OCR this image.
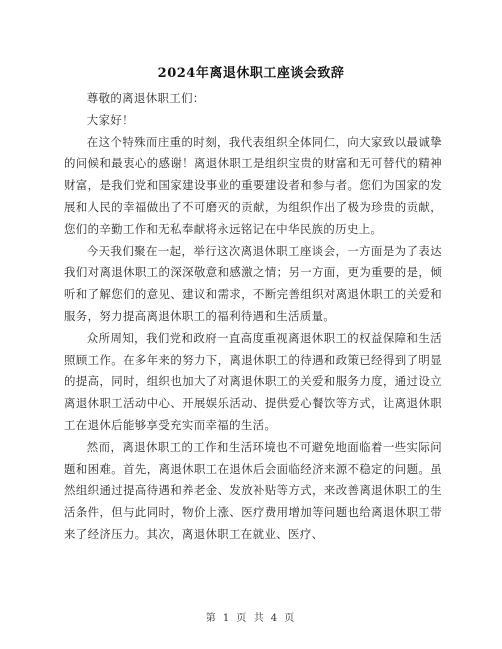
2024年离退休职工座谈会致辞

尊敬的离退休职工们：

大家好！

在这个特殊而庄重的时刻，我代表组织全体同仁，向大家致以最诚挚的问候和最衷心的感谢！离退休职工是组织宝贵的财富和无可替代的精神财富，是我们党和国家建设事业的重要建设者和参与者。您们为国家的发展和人民的幸福做出了不可磨灭的贡献，为组织作出了极为珍贵的贡献，您们的辛勤工作和无私奉献将永远铭记在中华民族的历史上。

今天我们聚在一起，举行这次离退休职工座谈会，一方面是为了表达我们对离退休职工的深深敬意和感激之情；另一方面，更为重要的是，倾听和了解您们的意见、建议和需求，不断完善组织对离退休职工的关爱和服务，努力提高离退休职工的福利待遇和生活质量。

众所周知，我们党和政府一直高度重视离退休职工的权益保障和生活照顾工作。在多年来的努力下，离退休职工的待遇和政策已经得到了明显的提高，同时，组织也加大了对离退休职工的关爱和服务力度，通过设立离退休职工活动中心、开展娱乐活动、提供爱心餐饮等方式，让离退休职工在退休后能够享受充实而幸福的生活。

然而，离退休职工的工作和生活环境也不可避免地面临着一些实际问题和困难。首先，离退休职工在退休后会面临经济来源不稳定的问题。虽然组织通过提高待遇和养老金、发放补贴等方式，来改善离退休职工的生活条件，但与此同时，物价上涨、医疗费用增加等问题也给离退休职工带来了经济压力。其次，离退休职工在就业、医疗、

第 1 页 共 4 页
